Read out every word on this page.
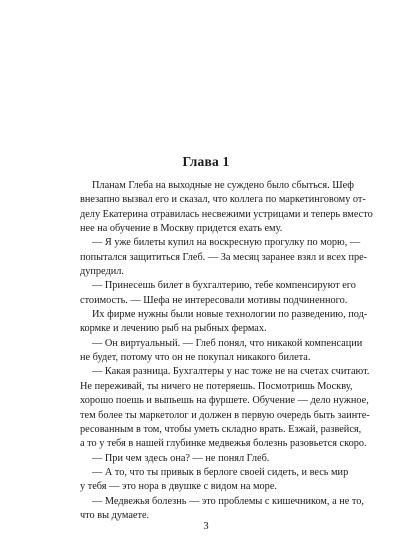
Глава 1
Планам Глеба на выходные не суждено было сбыться. Шеф
внезапно вызвал его и сказал, что коллега по маркетинговому от-
делу Екатерина отравилась несвежими устрицами и теперь вместо
нее на обучение в Москву придется ехать ему.
— Я уже билеты купил на воскресную прогулку по морю, —
попытался защититься Глеб. — За месяц заранее взял и всех пре-
дупредил.
— Принесешь билет в бухгалтерию, тебе компенсируют его
стоимость. — Шефа не интересовали мотивы подчиненного.
Их фирме нужны были новые технологии по разведению, под-
кормке и лечению рыб на рыбных фермах.
— Он виртуальный. — Глеб понял, что никакой компенсации
не будет, потому что он не покупал никакого билета.
— Какая разница. Бухгалтеры у нас тоже не на счетах считают.
Не переживай, ты ничего не потеряешь. Посмотришь Москву,
хорошо поешь и выпьешь на фуршете. Обучение — дело нужное,
тем более ты маркетолог и должен в первую очередь быть заинте-
ресованным в том, чтобы уметь складно врать. Езжай, развейся,
а то у тебя в нашей глубинке медвежья болезнь разовьется скоро.
— При чем здесь она? — не понял Глеб.
— А то, что ты привык в берлоге своей сидеть, и весь мир
у тебя — это нора в двушке с видом на море.
— Медвежья болезнь — это проблемы с кишечником, а не то,
что вы думаете.
3
